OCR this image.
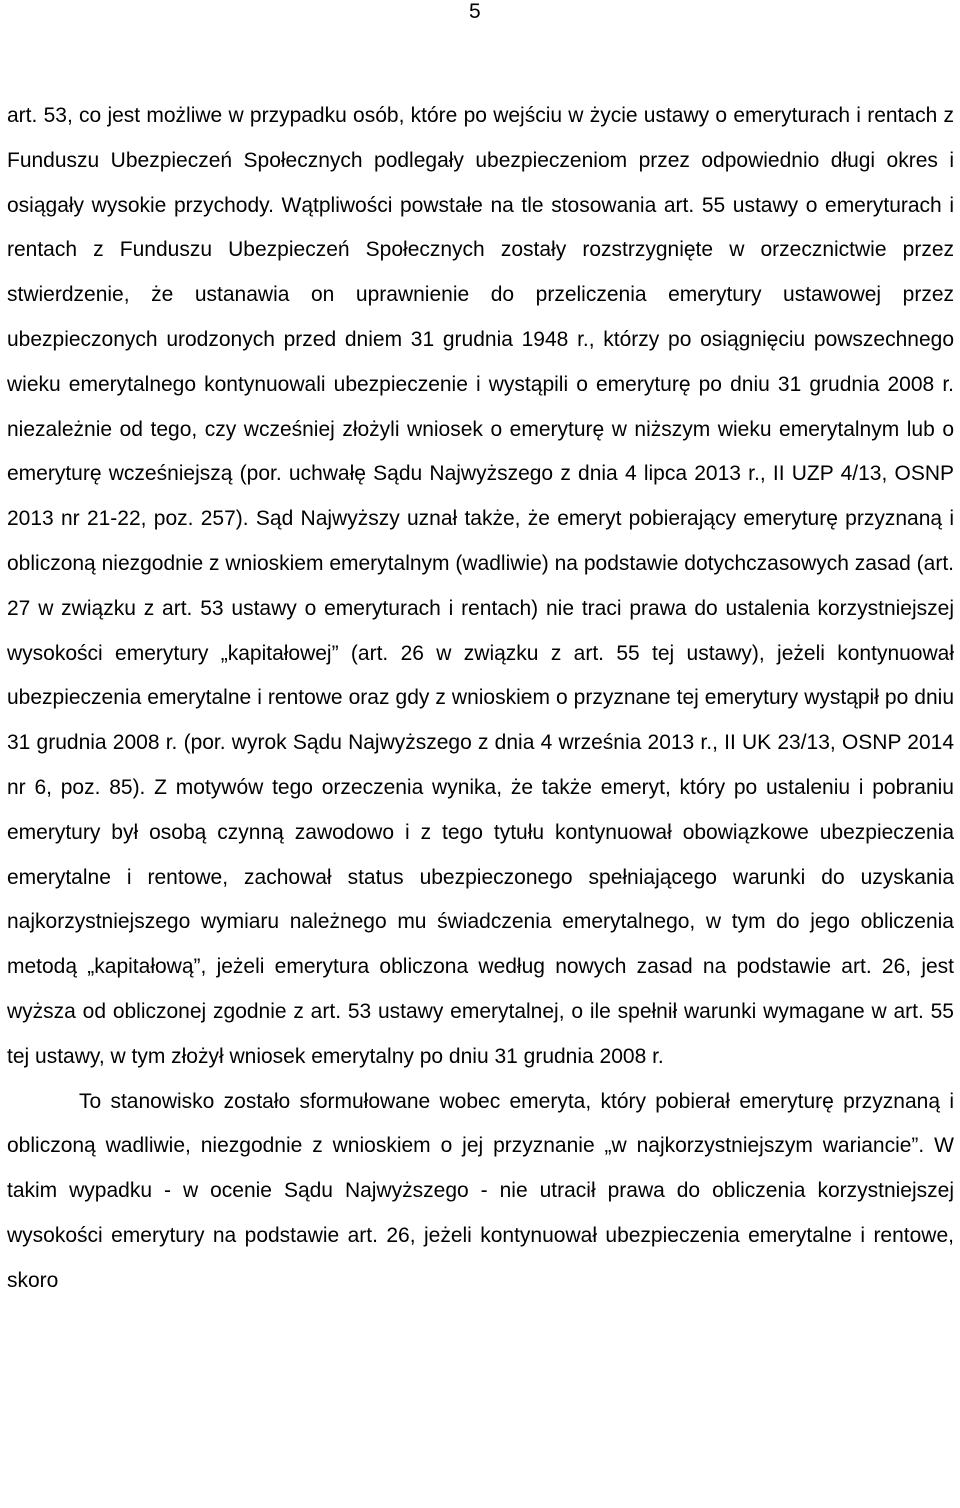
5

art. 53, co jest możliwe w przypadku osób, które po wejściu w życie ustawy o emeryturach i rentach z Funduszu Ubezpieczeń Społecznych podlegały ubezpieczeniom przez odpowiednio długi okres i osiągały wysokie przychody. Wątpliwości powstałe na tle stosowania art. 55 ustawy o emeryturach i rentach z Funduszu Ubezpieczeń Społecznych zostały rozstrzygnięte w orzecznictwie przez stwierdzenie, że ustanawia on uprawnienie do przeliczenia emerytury ustawowej przez ubezpieczonych urodzonych przed dniem 31 grudnia 1948 r., którzy po osiągnięciu powszechnego wieku emerytalnego kontynuowali ubezpieczenie i wystąpili o emeryturę po dniu 31 grudnia 2008 r. niezależnie od tego, czy wcześniej złożyli wniosek o emeryturę w niższym wieku emerytalnym lub o emeryturę wcześniejszą (por. uchwałę Sądu Najwyższego z dnia 4 lipca 2013 r., II UZP 4/13, OSNP 2013 nr 21-22, poz. 257). Sąd Najwyższy uznał także, że emeryt pobierający emeryturę przyznaną i obliczoną niezgodnie z wnioskiem emerytalnym (wadliwie) na podstawie dotychczasowych zasad (art. 27 w związku z art. 53 ustawy o emeryturach i rentach) nie traci prawa do ustalenia korzystniejszej wysokości emerytury „kapitałowej” (art. 26 w związku z art. 55 tej ustawy), jeżeli kontynuował ubezpieczenia emerytalne i rentowe oraz gdy z wnioskiem o przyznane tej emerytury wystąpił po dniu 31 grudnia 2008 r. (por. wyrok Sądu Najwyższego z dnia 4 września 2013 r., II UK 23/13, OSNP 2014 nr 6, poz. 85). Z motywów tego orzeczenia wynika, że także emeryt, który po ustaleniu i pobraniu emerytury był osobą czynną zawodowo i z tego tytułu kontynuował obowiązkowe ubezpieczenia emerytalne i rentowe, zachował status ubezpieczonego spełniającego warunki do uzyskania najkorzystniejszego wymiaru należnego mu świadczenia emerytalnego, w tym do jego obliczenia metodą „kapitałową”, jeżeli emerytura obliczona według nowych zasad na podstawie art. 26, jest wyższa od obliczonej zgodnie z art. 53 ustawy emerytalnej, o ile spełnił warunki wymagane w art. 55 tej ustawy, w tym złożył wniosek emerytalny po dniu 31 grudnia 2008 r.

To stanowisko zostało sformułowane wobec emeryta, który pobierał emeryturę przyznaną i obliczoną wadliwie, niezgodnie z wnioskiem o jej przyznanie „w najkorzystniejszym wariancie”. W takim wypadku - w ocenie Sądu Najwyższego - nie utracił prawa do obliczenia korzystniejszej wysokości emerytury na podstawie art. 26, jeżeli kontynuował ubezpieczenia emerytalne i rentowe, skoro
